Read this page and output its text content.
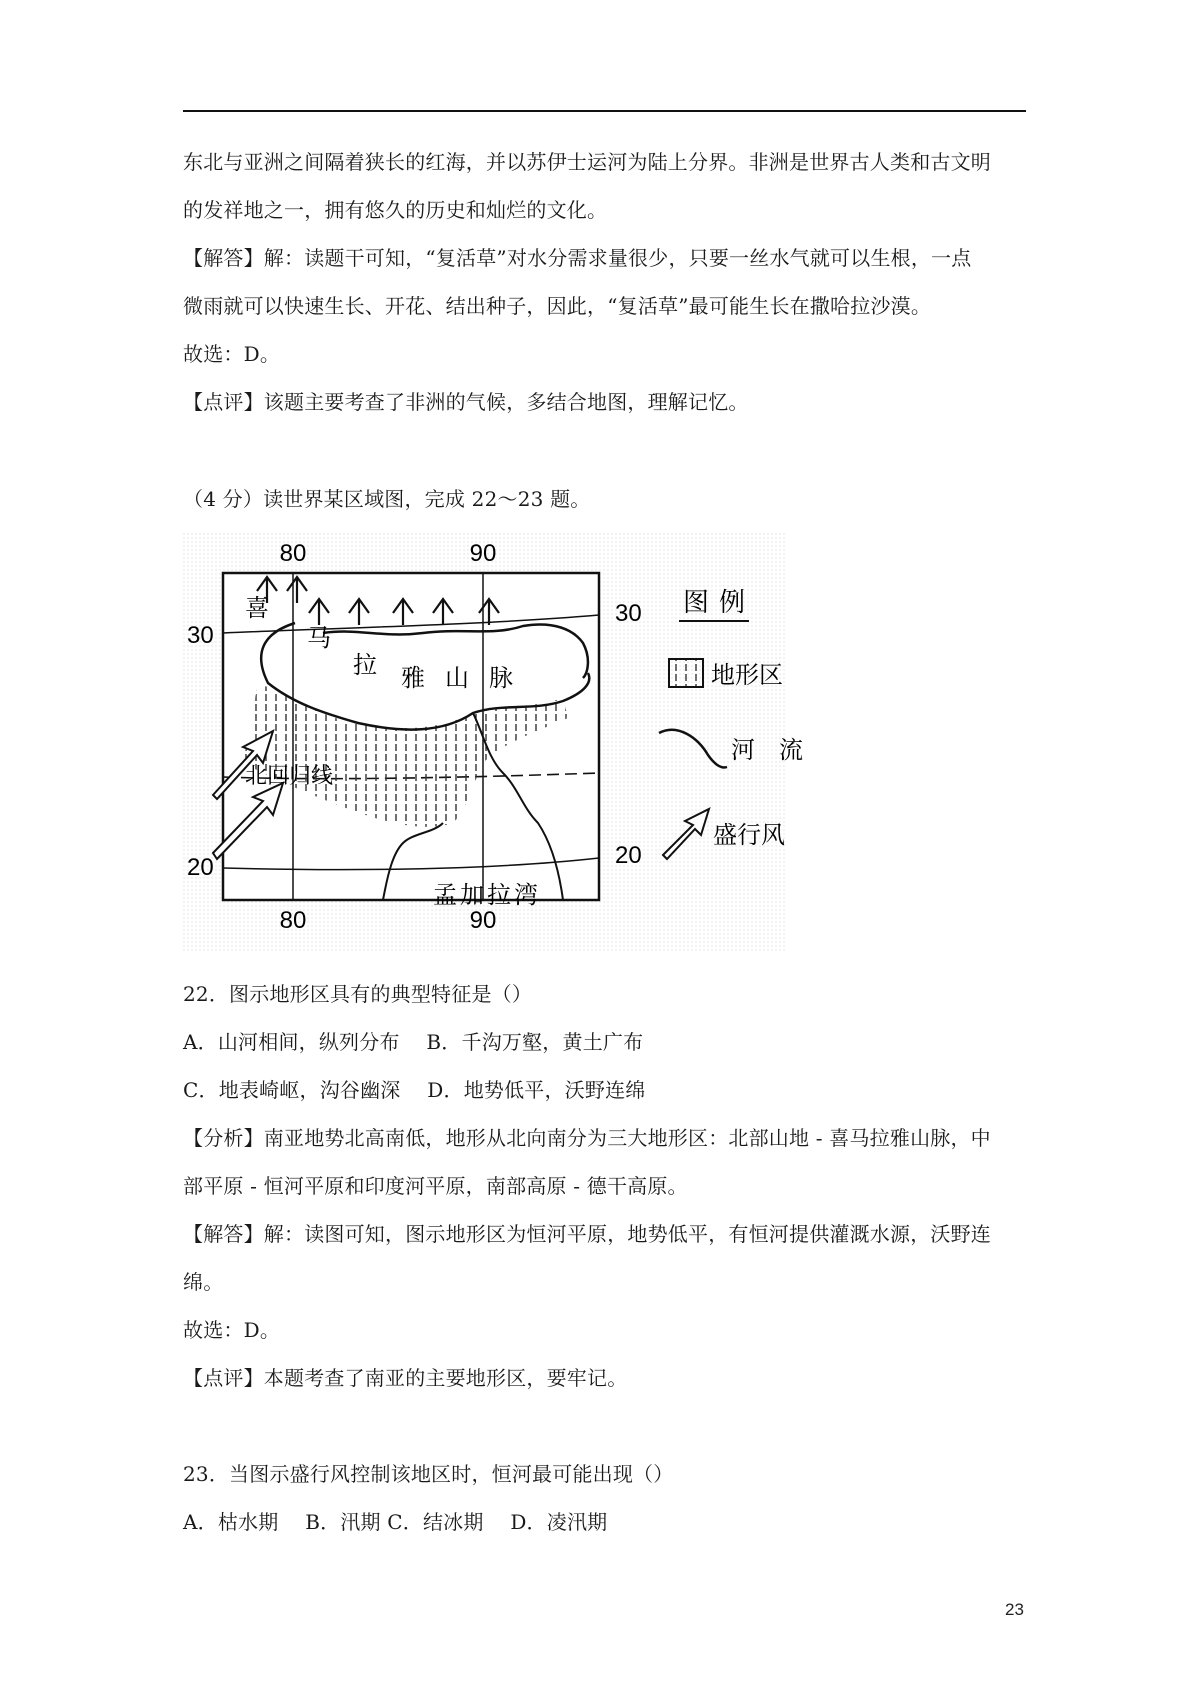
东北与亚洲之间隔着狭长的红海，并以苏伊士运河为陆上分界。非洲是世界古人类和古文明
的发祥地之一，拥有悠久的历史和灿烂的文化。
【解答】解：读题干可知，“复活草”对水分需求量很少，只要一丝水气就可以生根，一点
微雨就可以快速生长、开花、结出种子，因此，“复活草”最可能生长在撒哈拉沙漠。
故选：D。
【点评】该题主要考查了非洲的气候，多结合地图，理解记忆。
（4 分）读世界某区域图，完成 22～23 题。
80	90
80	90
30
20
30
20
喜
马
拉 雅 山 脉
北回归线
孟加拉湾
图例
地形区
河　流
盛行风
22．图示地形区具有的典型特征是（）
A．山河相间，纵列分布　 B．千沟万壑，黄土广布
C．地表崎岖，沟谷幽深　 D．地势低平，沃野连绵
【分析】南亚地势北高南低，地形从北向南分为三大地形区：北部山地 - 喜马拉雅山脉，中
部平原 - 恒河平原和印度河平原，南部高原 - 德干高原。
【解答】解：读图可知，图示地形区为恒河平原，地势低平，有恒河提供灌溉水源，沃野连
绵。
故选：D。
【点评】本题考查了南亚的主要地形区，要牢记。
23．当图示盛行风控制该地区时，恒河最可能出现（）
A．枯水期　 B．汛期 C．结冰期　 D．凌汛期
23
